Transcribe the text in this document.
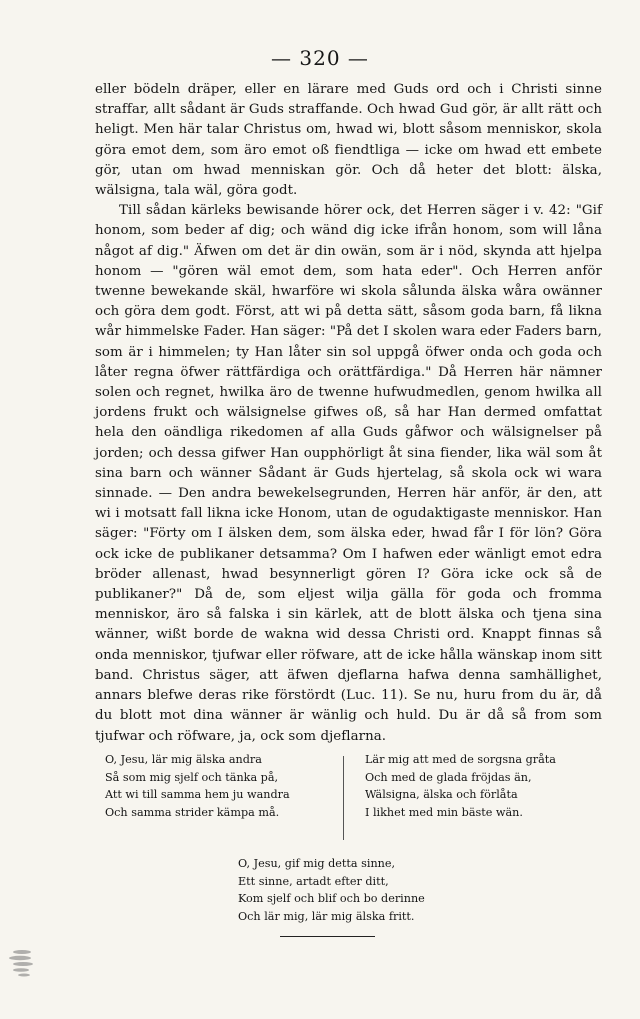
— 320 —

eller bödeln dräper, eller en lärare med Guds ord och i Christi sinne straffar, allt sådant är Guds straffande. Och hwad Gud gör, är allt rätt och heligt. Men här talar Christus om, hwad wi, blott såsom menniskor, skola göra emot dem, som äro emot oß fiendtliga — icke om hwad ett embete gör, utan om hwad menniskan gör. Och då heter det blott: älska, wälsigna, tala wäl, göra godt.

Till sådan kärleks bewisande hörer ock, det Herren säger i v. 42: "Gif honom, som beder af dig; och wänd dig icke ifrån honom, som will låna något af dig." Äfwen om det är din owän, som är i nöd, skynda att hjelpa honom — "gören wäl emot dem, som hata eder". Och Herren anför twenne bewekande skäl, hwarföre wi skola sålunda älska wåra owänner och göra dem godt. Först, att wi på detta sätt, såsom goda barn, få likna wår himmelske Fader. Han säger: "På det I skolen wara eder Faders barn, som är i himmelen; ty Han låter sin sol uppgå öfwer onda och goda och låter regna öfwer rättfärdiga och orättfärdiga." Då Herren här nämner solen och regnet, hwilka äro de twenne hufwudmedlen, genom hwilka all jordens frukt och wälsignelse gifwes oß, så har Han dermed omfattat hela den oändliga rikedomen af alla Guds gåfwor och wälsignelser på jorden; och dessa gifwer Han oupphörligt åt sina fiender, lika wäl som åt sina barn och wänner Sådant är Guds hjertelag, så skola ock wi wara sinnade. — Den andra bewekelsegrunden, Herren här anför, är den, att wi i motsatt fall likna icke Honom, utan de ogudaktigaste menniskor. Han säger: "Förty om I älsken dem, som älska eder, hwad får I för lön? Göra ock icke de publikaner detsamma? Om I hafwen eder wänligt emot edra bröder allenast, hwad besynnerligt gören I? Göra icke ock så de publikaner?" Då de, som eljest wilja gälla för goda och fromma menniskor, äro så falska i sin kärlek, att de blott älska och tjena sina wänner, wißt borde de wakna wid dessa Christi ord. Knappt finnas så onda menniskor, tjufwar eller röfware, att de icke hålla wänskap inom sitt band. Christus säger, att äfwen djeflarna hafwa denna samhällighet, annars blefwe deras rike förstördt (Luc. 11). Se nu, huru from du är, då du blott mot dina wänner är wänlig och huld. Du är då så from som tjufwar och röfware, ja, ock som djeflarna.

O, Jesu, lär mig älska andra
Så som mig sjelf och tänka på,
Att wi till samma hem ju wandra
Och samma strider kämpa må.
Lär mig att med de sorgsna gråta
Och med de glada fröjdas än,
Wälsigna, älska och förlåta
I likhet med min bäste wän.
O, Jesu, gif mig detta sinne,
Ett sinne, artadt efter ditt,
Kom sjelf och blif och bo derinne
Och lär mig, lär mig älska fritt.
